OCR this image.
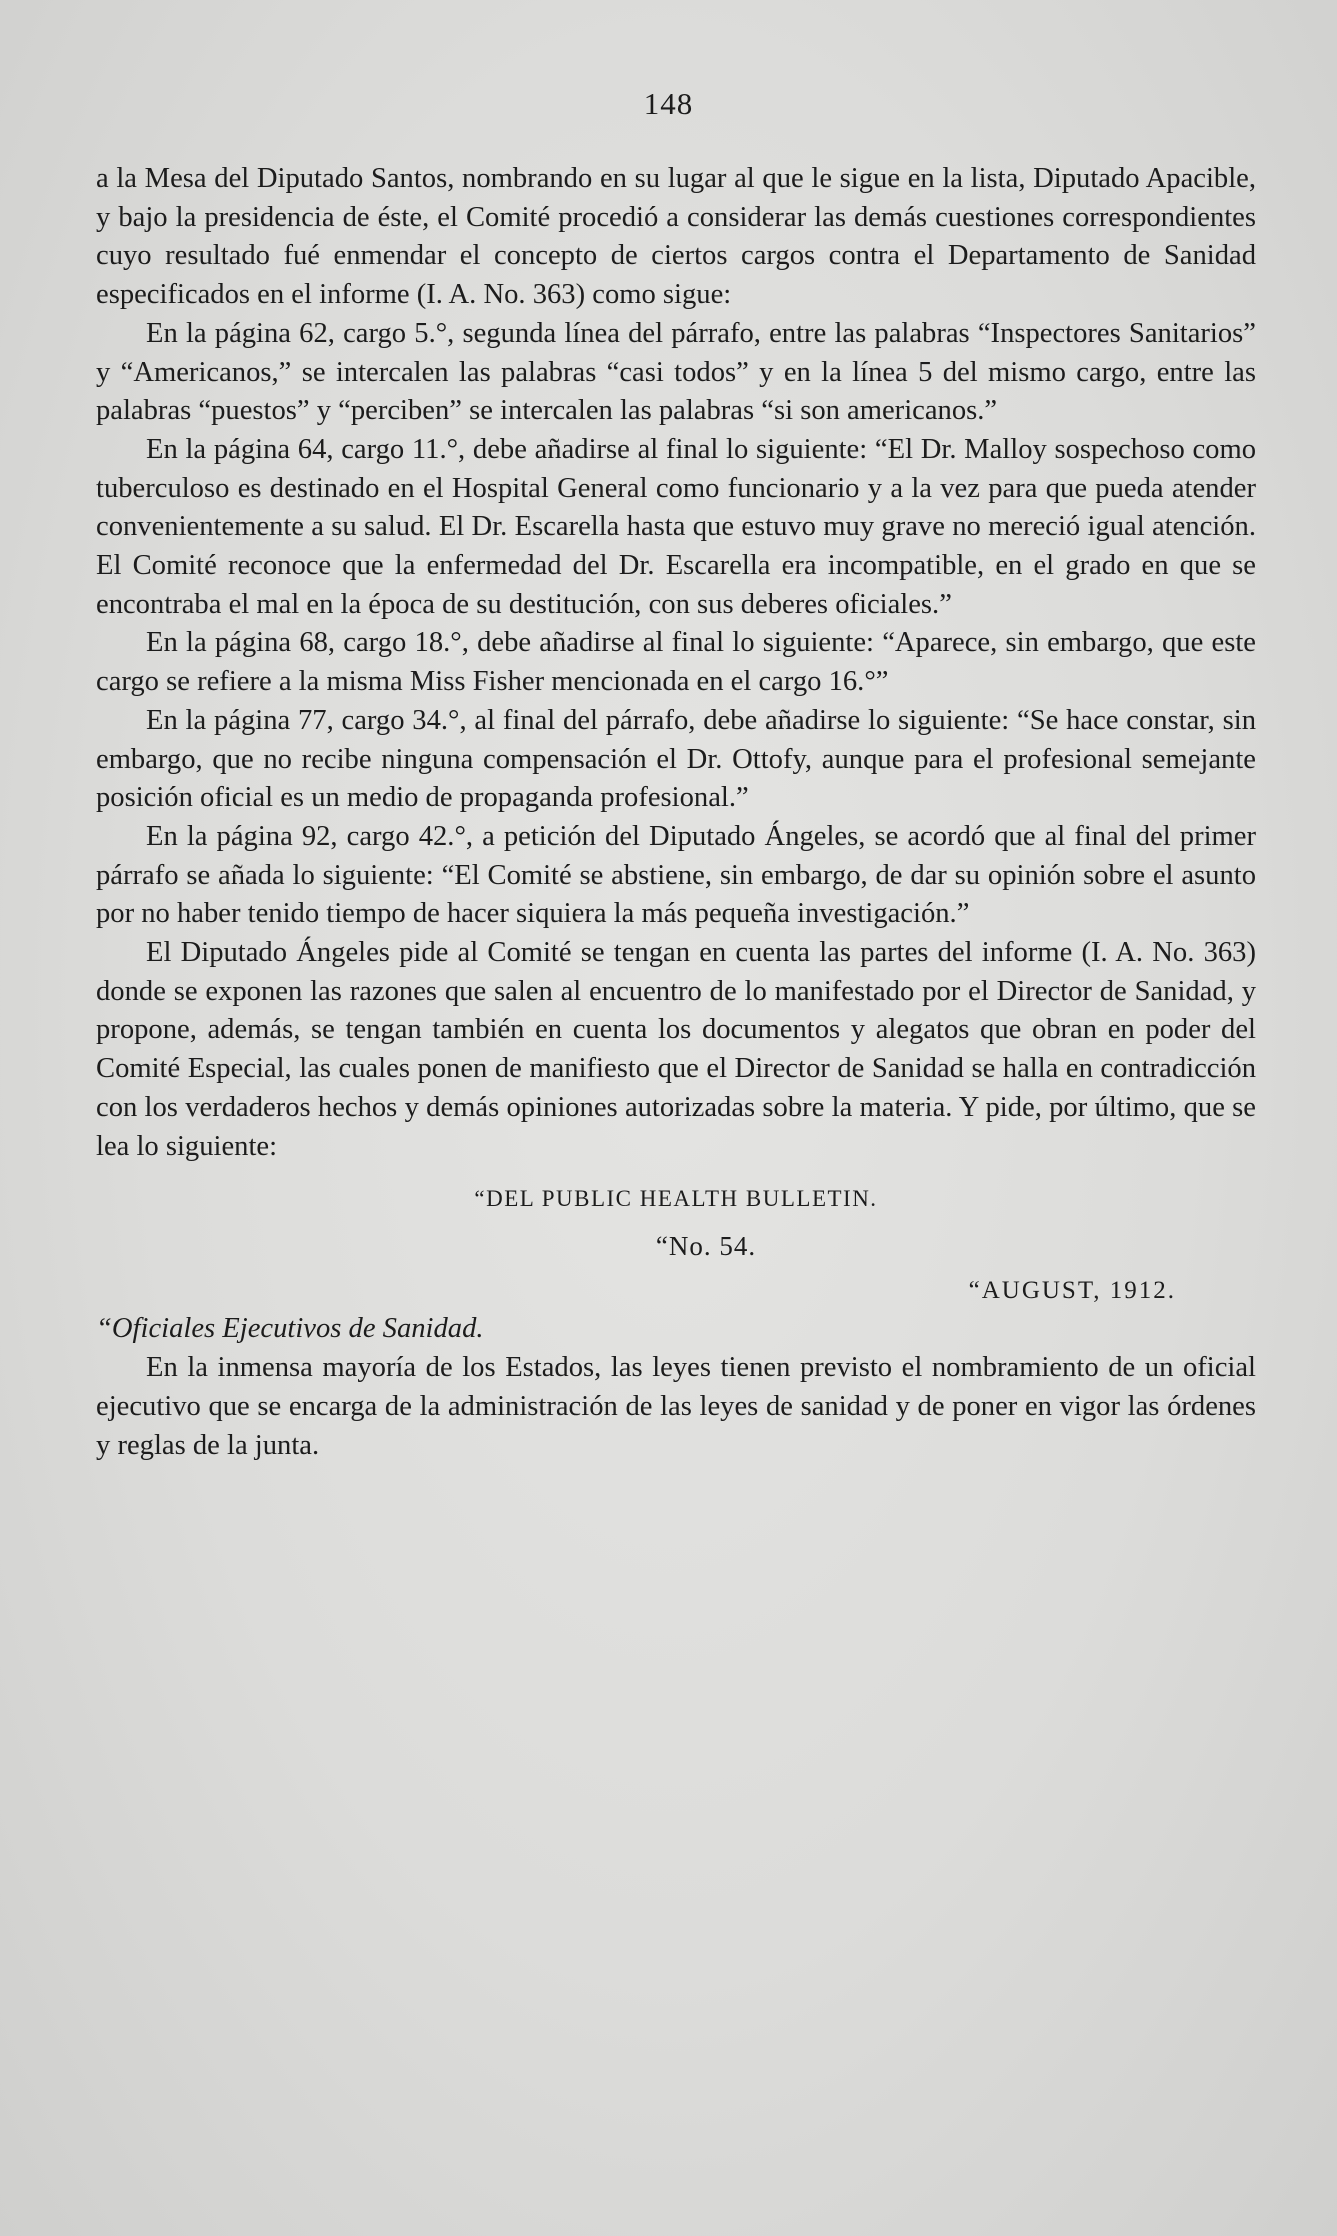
148

a la Mesa del Diputado Santos, nombrando en su lugar al que le sigue en la lista, Diputado Apacible, y bajo la presidencia de éste, el Comité procedió a considerar las demás cuestiones correspondientes cuyo resultado fué enmendar el concepto de ciertos cargos contra el Departamento de Sanidad especificados en el informe (I. A. No. 363) como sigue:

En la página 62, cargo 5.°, segunda línea del párrafo, entre las palabras “Inspectores Sanitarios” y “Americanos,” se intercalen las palabras “casi todos” y en la línea 5 del mismo cargo, entre las palabras “puestos” y “perciben” se intercalen las palabras “si son americanos.”

En la página 64, cargo 11.°, debe añadirse al final lo siguiente: “El Dr. Malloy sospechoso como tuberculoso es destinado en el Hospital General como funcionario y a la vez para que pueda atender convenientemente a su salud. El Dr. Escarella hasta que estuvo muy grave no mereció igual atención. El Comité reconoce que la enfermedad del Dr. Escarella era incompatible, en el grado en que se encontraba el mal en la época de su destitución, con sus deberes oficiales.”

En la página 68, cargo 18.°, debe añadirse al final lo siguiente: “Aparece, sin embargo, que este cargo se refiere a la misma Miss Fisher mencionada en el cargo 16.°”

En la página 77, cargo 34.°, al final del párrafo, debe añadirse lo siguiente: “Se hace constar, sin embargo, que no recibe ninguna compensación el Dr. Ottofy, aunque para el profesional semejante posición oficial es un medio de propaganda profesional.”

En la página 92, cargo 42.°, a petición del Diputado Ángeles, se acordó que al final del primer párrafo se añada lo siguiente: “El Comité se abstiene, sin embargo, de dar su opinión sobre el asunto por no haber tenido tiempo de hacer siquiera la más pequeña investigación.”

El Diputado Ángeles pide al Comité se tengan en cuenta las partes del informe (I. A. No. 363) donde se exponen las razones que salen al encuentro de lo manifestado por el Director de Sanidad, y propone, además, se tengan también en cuenta los documentos y alegatos que obran en poder del Comité Especial, las cuales ponen de manifiesto que el Director de Sanidad se halla en contradicción con los verdaderos hechos y demás opiniones autorizadas sobre la materia. Y pide, por último, que se lea lo siguiente:

“DEL PUBLIC HEALTH BULLETIN.

“No. 54.

“AUGUST, 1912.

“Oficiales Ejecutivos de Sanidad.

En la inmensa mayoría de los Estados, las leyes tienen previsto el nombramiento de un oficial ejecutivo que se encarga de la administración de las leyes de sanidad y de poner en vigor las órdenes y reglas de la junta.
